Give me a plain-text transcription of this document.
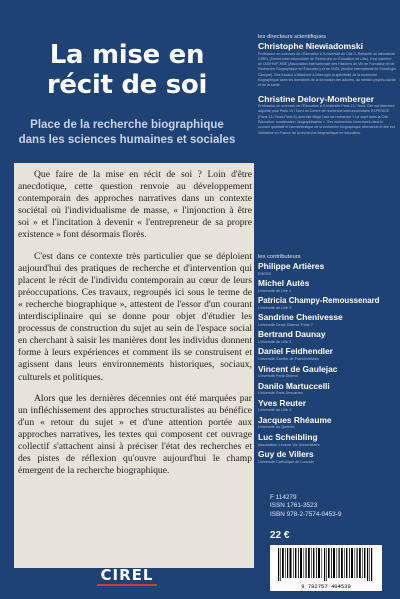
La mise en
récit de soi
Place de la recherche biographique
dans les sciences humaines et sociales

Que faire de la mise en récit de soi ? Loin d'être anecdotique, cette question renvoie au développement contemporain des approches narratives dans un contexte sociétal où l'individualisme de masse, « l'injonction à être soi » et l'incitation à devenir « l'entrepreneur de sa propre existence » font désormais florès.

C'est dans ce contexte très particulier que se déploient aujourd'hui des pratiques de recherche et d'intervention qui placent le récit de l'individu contemporain au cœur de leurs préoccupations. Ces travaux, regroupés ici sous le terme de « recherche biographique », attestent de l'essor d'un courant interdisciplinaire qui se donne pour objet d'étudier les processus de construction du sujet au sein de l'espace social en cherchant à saisir les manières dont les individus donnent forme à leurs expériences et comment ils se construisent et agissent dans leurs environnements historiques, sociaux, culturels et politiques.

Alors que les dernières décennies ont été marquées par un infléchissement des approches structuralistes au bénéfice d'un « retour du sujet » et d'une attention portée aux approches narratives, les textes qui composent cet ouvrage collectif s'attachent ainsi à préciser l'état des recherches et des pistes de réflexion qu'ouvre aujourd'hui le champ émergent de la recherche biographique.

CIREL
les directeurs scientifiques
Christophe Niewiadomski
Professeur en sciences de l'Éducation à l'Université de Lille 3. Rattaché au laboratoire CIREL (Centre Interuniversitaire de Recherche en Éducation de Lille), il est membre de l'ASIHVIF-RBE (Association Internationale des Histoires de Vie en Formation et de Recherche Biographique en Éducation) et de l'AISL (Institut International de Sociologie Clinique). Ses travaux s'attachent à interroger la spécificité de la recherche biographique dans les domaines de la formation des adultes, du médico-psycho-social et de la santé.
Christine Delory-Momberger
Professeur en sciences de l'Éducation à l'Université Paris 13 / Nord. Elle est directrice adjointe pour Paris 13 / Nord du Centre de recherche interuniversitaire EXPERICE (Paris 13 / Nord-Paris 8) dont elle dirige l'axe de recherche « Le sujet dans la Cité. Éducation, socialisation, biographisation ». Ses recherches s'inscrivent dans le courant qualitatif et herméneutique de la recherche biographique allemande et elle est l'initiatrice en France de la recherche biographique en éducation.
les contributeurs
Philippe Artières
EHESS
Michel Autès
Université de Lille 1
Patricia Champy-Remoussenard
Université de Lille 3
Sandrine Chenivesse
Université Denis Diderot, Paris 7
Bertrand Daunay
Université de Lille 3
Daniel Feldhendler
Université Goethe de Francfort/Main
Vincent de Gaulejac
Université Paris Diderot
Danilo Martuccelli
Université Paris Descartes
Yves Reuter
Université de Lille 3
Jacques Rhéaume
Université du Québec
Luc Scheibling
Association Lecture Vie Universitaire
Guy de Villers
Université Catholique de Louvain
F 114279
ISSN 1761-3523
ISBN 978-2-7574-0453-9
22 €
9 782757 404539
